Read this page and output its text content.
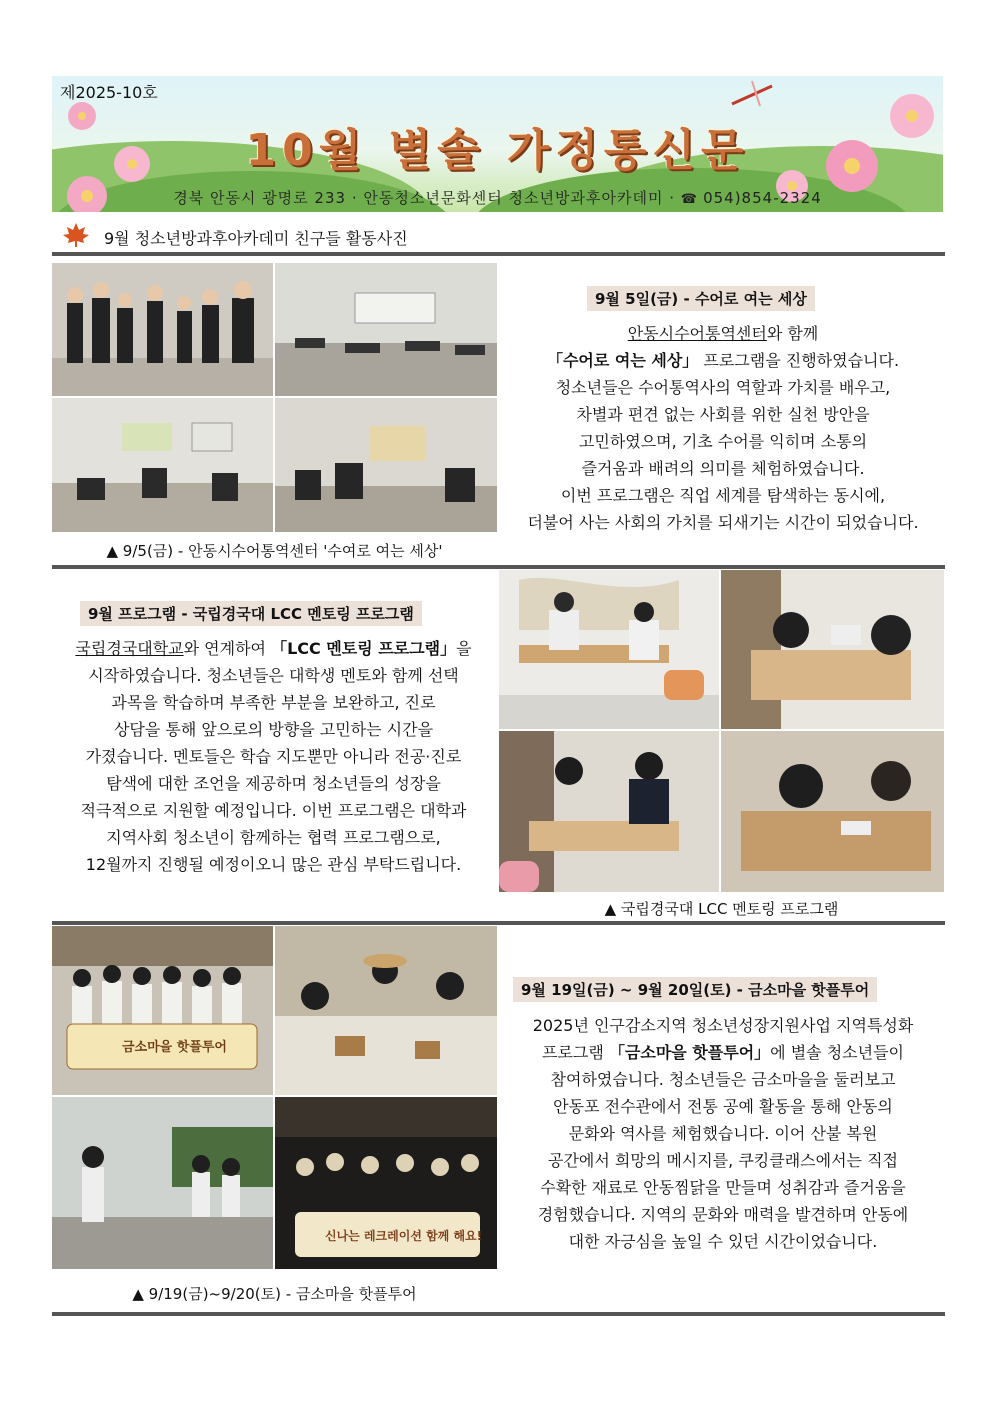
제2025-10호
10월 별솔 가정통신문
경북 안동시 광명로 233 · 안동청소년문화센터 청소년방과후아카데미 · ☎ 054)854-2324
9월 청소년방과후아카데미 친구들 활동사진
▲ 9/5(금) - 안동시수어통역센터 '수여로 여는 세상'
9월 5일(금) - 수어로 여는 세상
안동시수어통역센터와 함께
「수어로 여는 세상」 프로그램을 진행하였습니다.
청소년들은 수어통역사의 역할과 가치를 배우고,
차별과 편견 없는 사회를 위한 실천 방안을
고민하였으며, 기초 수어를 익히며 소통의
즐거움과 배려의 의미를 체험하였습니다.
이번 프로그램은 직업 세계를 탐색하는 동시에,
더불어 사는 사회의 가치를 되새기는 시간이 되었습니다.
9월 프로그램 - 국립경국대 LCC 멘토링 프로그램
국립경국대학교와 연계하여 「LCC 멘토링 프로그램」을
시작하였습니다. 청소년들은 대학생 멘토와 함께 선택
과목을 학습하며 부족한 부분을 보완하고, 진로
상담을 통해 앞으로의 방향을 고민하는 시간을
가졌습니다. 멘토들은 학습 지도뿐만 아니라 전공·진로
탐색에 대한 조언을 제공하며 청소년들의 성장을
적극적으로 지원할 예정입니다. 이번 프로그램은 대학과
지역사회 청소년이 함께하는 협력 프로그램으로,
12월까지 진행될 예정이오니 많은 관심 부탁드립니다.
▲ 국립경국대 LCC 멘토링 프로그램
금소마을 핫플투어
신나는 레크레이션 함께 해요!
▲ 9/19(금)~9/20(토) - 금소마을 핫플투어
9월 19일(금) ~ 9월 20일(토) - 금소마을 핫플투어
2025년 인구감소지역 청소년성장지원사업 지역특성화
프로그램 「금소마을 핫플투어」에 별솔 청소년들이
참여하였습니다. 청소년들은 금소마을을 둘러보고
안동포 전수관에서 전통 공예 활동을 통해 안동의
문화와 역사를 체험했습니다. 이어 산불 복원
공간에서 희망의 메시지를, 쿠킹클래스에서는 직접
수확한 재료로 안동찜닭을 만들며 성취감과 즐거움을
경험했습니다. 지역의 문화와 매력을 발견하며 안동에
대한 자긍심을 높일 수 있던 시간이었습니다.
